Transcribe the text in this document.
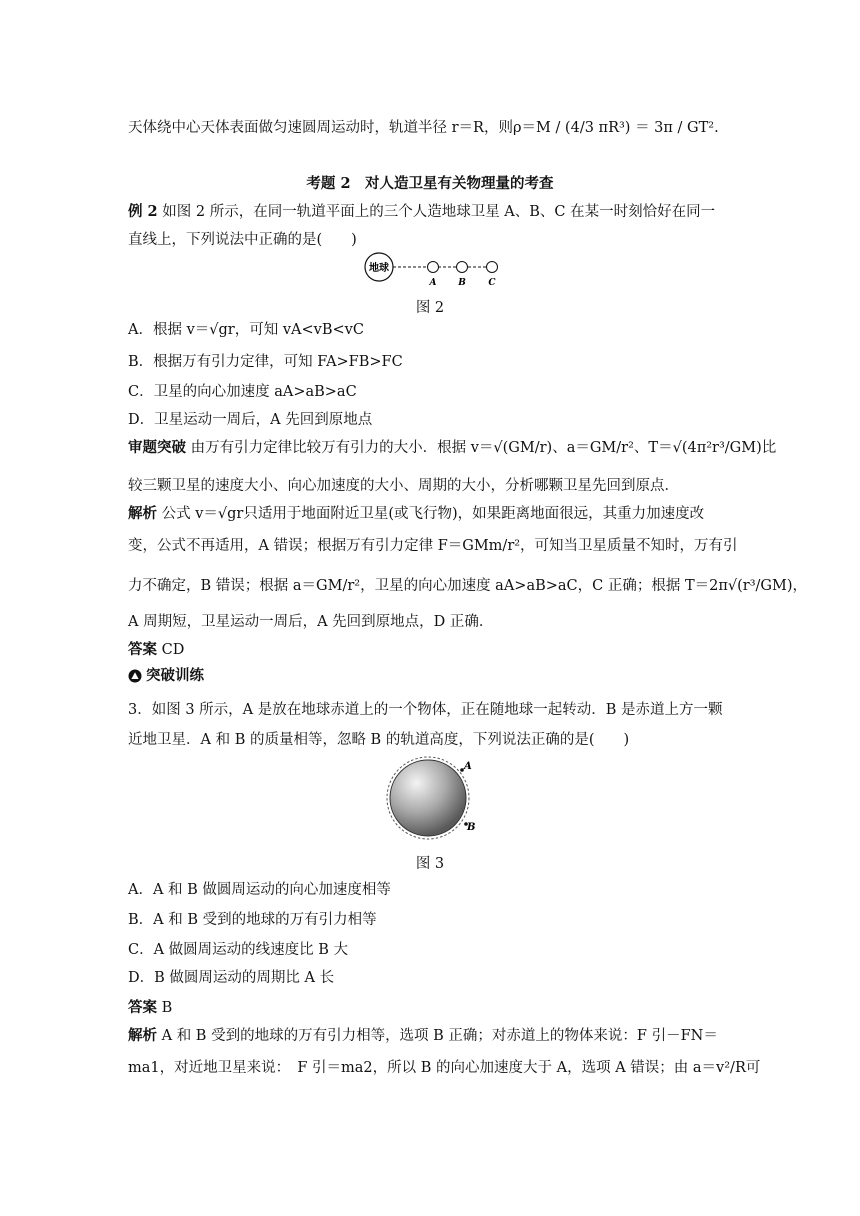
天体绕中心天体表面做匀速圆周运动时，轨道半径 r＝R，则ρ＝M / (4/3 πR³) ＝ 3π / GT².
考题 2　对人造卫星有关物理量的考查
例 2 如图 2 所示，在同一轨道平面上的三个人造地球卫星 A、B、C 在某一时刻恰好在同一
直线上，下列说法中正确的是(　　)
地球
A B	C
图 2
A．根据 v＝√gr，可知 vA<vB<vC
B．根据万有引力定律，可知 FA>FB>FC
C．卫星的向心加速度 aA>aB>aC
D．卫星运动一周后，A 先回到原地点
审题突破 由万有引力定律比较万有引力的大小．根据 v＝√(GM/r)、a＝GM/r²、T＝√(4π²r³/GM)比
较三颗卫星的速度大小、向心加速度的大小、周期的大小，分析哪颗卫星先回到原点．
解析 公式 v＝√gr只适用于地面附近卫星(或飞行物)，如果距离地面很远，其重力加速度改
变，公式不再适用，A 错误；根据万有引力定律 F＝GMm/r²，可知当卫星质量不知时，万有引
力不确定，B 错误；根据 a＝GM/r²，卫星的向心加速度 aA>aB>aC，C 正确；根据 T＝2π√(r³/GM)，
A 周期短，卫星运动一周后，A 先回到原地点，D 正确．
答案 CD
突破训练
3．如图 3 所示，A 是放在地球赤道上的一个物体，正在随地球一起转动．B 是赤道上方一颗
近地卫星．A 和 B 的质量相等，忽略 B 的轨道高度，下列说法正确的是(　　)
A
B
图 3
A．A 和 B 做圆周运动的向心加速度相等
B．A 和 B 受到的地球的万有引力相等
C．A 做圆周运动的线速度比 B 大
D．B 做圆周运动的周期比 A 长
答案 B
解析 A 和 B 受到的地球的万有引力相等，选项 B 正确；对赤道上的物体来说：F 引－FN＝
ma1，对近地卫星来说：　F 引＝ma2，所以 B 的向心加速度大于 A，选项 A 错误；由 a＝v²/R可
